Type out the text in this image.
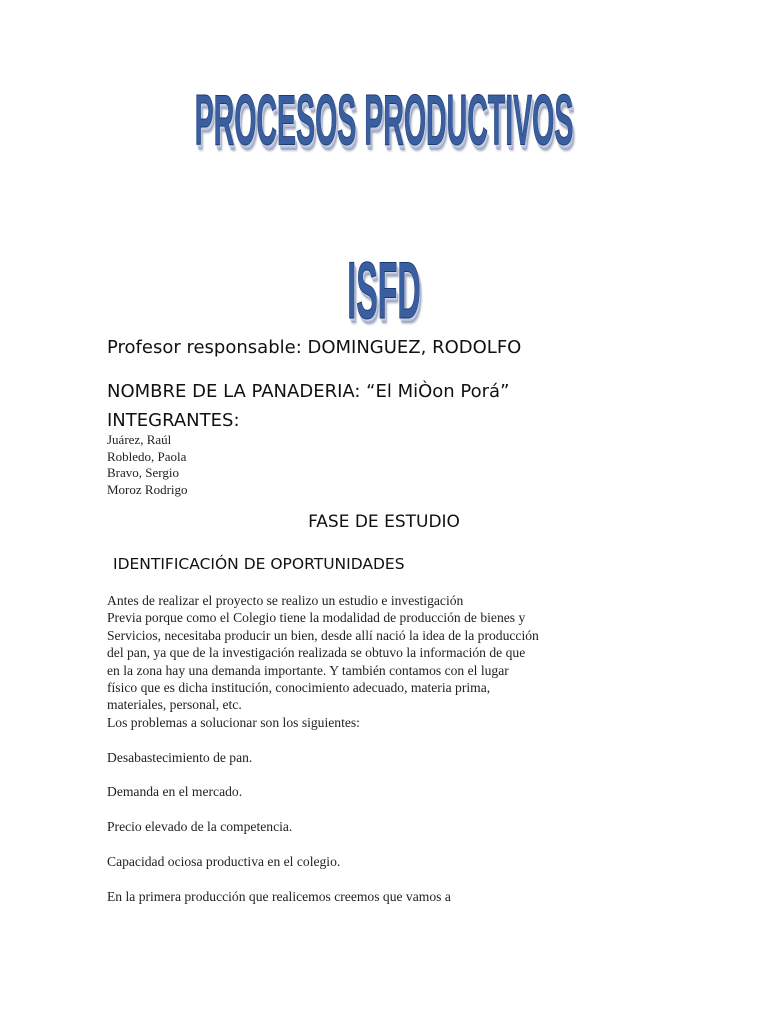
PROCESOS PRODUCTIVOS
ISFD
Profesor responsable: DOMINGUEZ, RODOLFO
NOMBRE DE LA PANADERIA: “El MiÒon Porá”
INTEGRANTES:
Juárez, Raúl
Robledo, Paola
Bravo, Sergio
Moroz Rodrigo
FASE DE ESTUDIO
IDENTIFICACIÓN DE OPORTUNIDADES

Antes de realizar el proyecto se realizo un estudio e investigación

Previa porque como el Colegio tiene la modalidad de producción de bienes y

Servicios, necesitaba producir un bien, desde allí nació la idea de la producción

del pan, ya que de la investigación realizada se obtuvo la información de que

en la zona hay una demanda importante. Y también contamos con el lugar

físico que es dicha institución, conocimiento adecuado, materia prima,

materiales, personal, etc.

Los problemas a solucionar son los siguientes:

Desabastecimiento de pan.

Demanda en el mercado.

Precio elevado de la competencia.

Capacidad ociosa productiva en el colegio.

En la primera producción que realicemos creemos que vamos a
